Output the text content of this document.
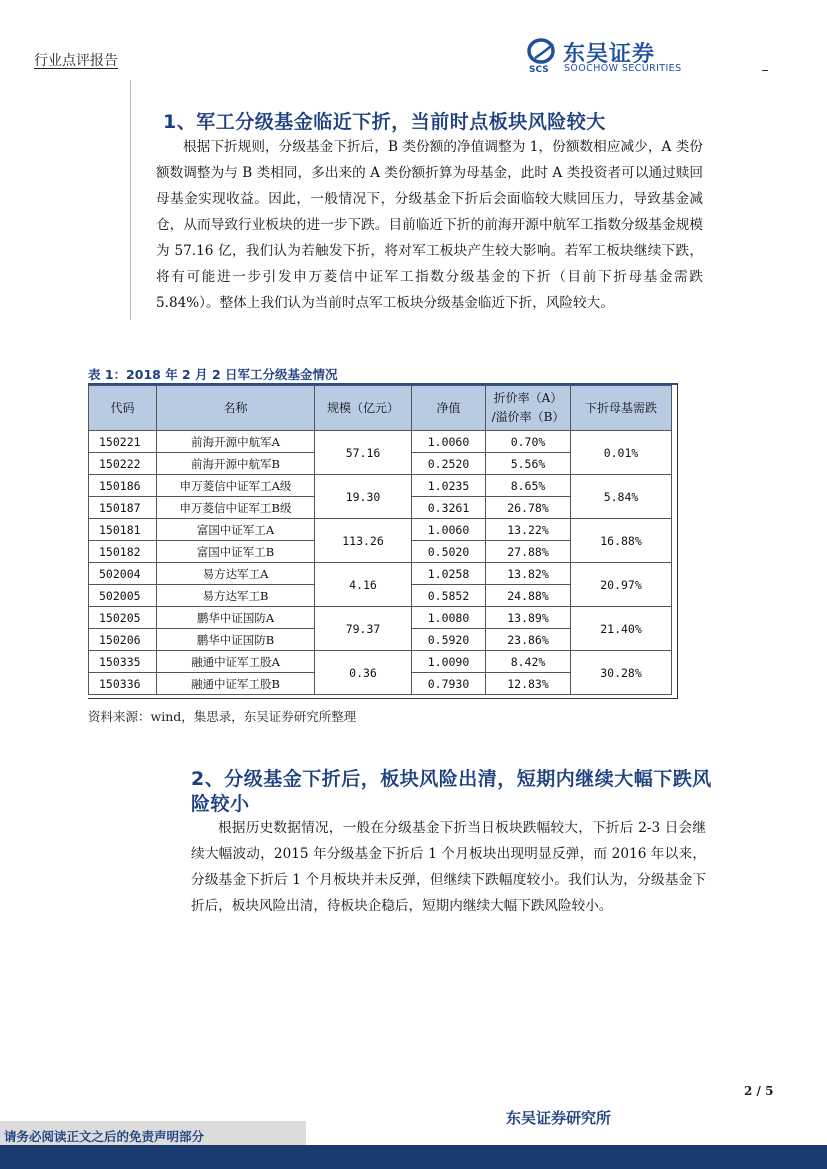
行业点评报告
SCS
东吴证券
SOOCHOW SECURITIES
1、军工分级基金临近下折，当前时点板块风险较大

根据下折规则，分级基金下折后，B 类份额的净值调整为 1，份额数相应减少，A 类份额数调整为与 B 类相同，多出来的 A 类份额折算为母基金，此时 A 类投资者可以通过赎回母基金实现收益。因此，一般情况下，分级基金下折后会面临较大赎回压力，导致基金减仓，从而导致行业板块的进一步下跌。目前临近下折的前海开源中航军工指数分级基金规模为 57.16 亿，我们认为若触发下折，将对军工板块产生较大影响。若军工板块继续下跌，将有可能进一步引发申万菱信中证军工指数分级基金的下折（目前下折母基金需跌 5.84%）。整体上我们认为当前时点军工板块分级基金临近下折，风险较大。

表 1：2018 年 2 月 2 日军工分级基金情况
代码	名称	规模（亿元）	净值	折价率（A）
/溢价率（B）	下折母基需跌
150221	前海开源中航军A	57.16	1.0060	0.70%	0.01%
150222	前海开源中航军B		0.2520	5.56%	
150186	申万菱信中证军工A级	19.30	1.0235	8.65%	5.84%
150187	申万菱信中证军工B级		0.3261	26.78%	
150181	富国中证军工A	113.26	1.0060	13.22%	16.88%
150182	富国中证军工B		0.5020	27.88%	
502004	易方达军工A	4.16	1.0258	13.82%	20.97%
502005	易方达军工B		0.5852	24.88%	
150205	鹏华中证国防A	79.37	1.0080	13.89%	21.40%
150206	鹏华中证国防B		0.5920	23.86%	
150335	融通中证军工股A	0.36	1.0090	8.42%	30.28%
150336	融通中证军工股B		0.7930	12.83%	
资料来源：wind，集思录，东吴证券研究所整理
2、分级基金下折后，板块风险出清，短期内继续大幅下跌风
险较小

根据历史数据情况，一般在分级基金下折当日板块跌幅较大，下折后 2-3 日会继续大幅波动，2015 年分级基金下折后 1 个月板块出现明显反弹，而 2016 年以来，分级基金下折后 1 个月板块并未反弹，但继续下跌幅度较小。我们认为，分级基金下折后，板块风险出清，待板块企稳后，短期内继续大幅下跌风险较小。

2 / 5
东吴证券研究所
请务必阅读正文之后的免责声明部分
